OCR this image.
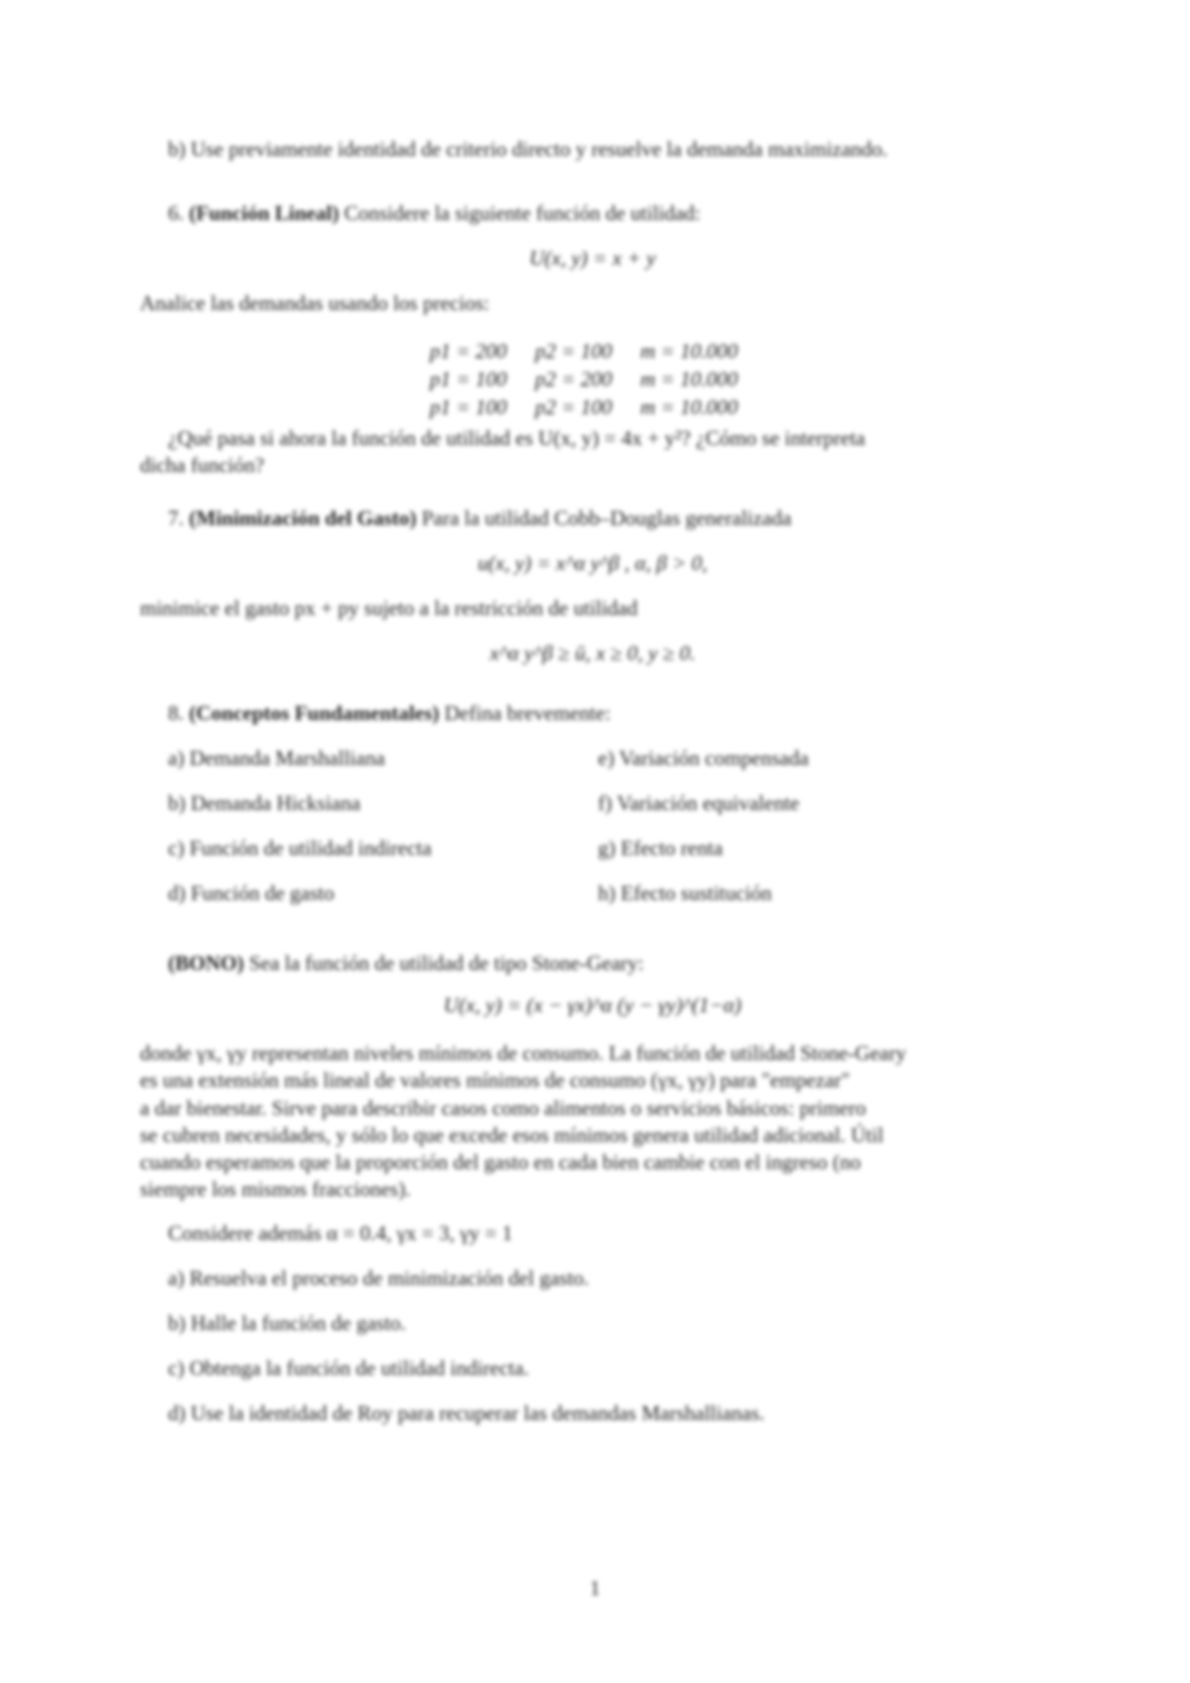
b) Use previamente identidad de criterio directo y resuelve la demanda maximizando.
6. (Función Lineal) Considere la siguiente función de utilidad:
U(x, y) = x + y
Analice las demandas usando los precios:
p1 = 200 p2 = 100 m = 10.000
p1 = 100 p2 = 200 m = 10.000
p1 = 100 p2 = 100 m = 10.000
¿Qué pasa si ahora la función de utilidad es U(x, y) = 4x + y²? ¿Cómo se interpreta
dicha función?
7. (Minimización del Gasto) Para la utilidad Cobb–Douglas generalizada
u(x, y) = x^α y^β , α, β > 0,
minimice el gasto px + py sujeto a la restricción de utilidad
x^α y^β ≥ ū, x ≥ 0, y ≥ 0.
8. (Conceptos Fundamentales) Defina brevemente:
a) Demanda Marshalliana	e) Variación compensada
b) Demanda Hicksiana	f) Variación equivalente
c) Función de utilidad indirecta	g) Efecto renta
d) Función de gasto	h) Efecto sustitución
(BONO) Sea la función de utilidad de tipo Stone-Geary:
U(x, y) = (x − γx)^α (y − γy)^(1−α)
donde γx, γy representan niveles mínimos de consumo. La función de utilidad Stone-Geary
es una extensión más lineal de valores mínimos de consumo (γx, γy) para "empezar"
a dar bienestar. Sirve para describir casos como alimentos o servicios básicos: primero
se cubren necesidades, y sólo lo que excede esos mínimos genera utilidad adicional. Útil
cuando esperamos que la proporción del gasto en cada bien cambie con el ingreso (no
siempre los mismos fracciones).
Considere además α = 0.4, γx = 3, γy = 1
a) Resuelva el proceso de minimización del gasto.
b) Halle la función de gasto.
c) Obtenga la función de utilidad indirecta.
d) Use la identidad de Roy para recuperar las demandas Marshallianas.
1
